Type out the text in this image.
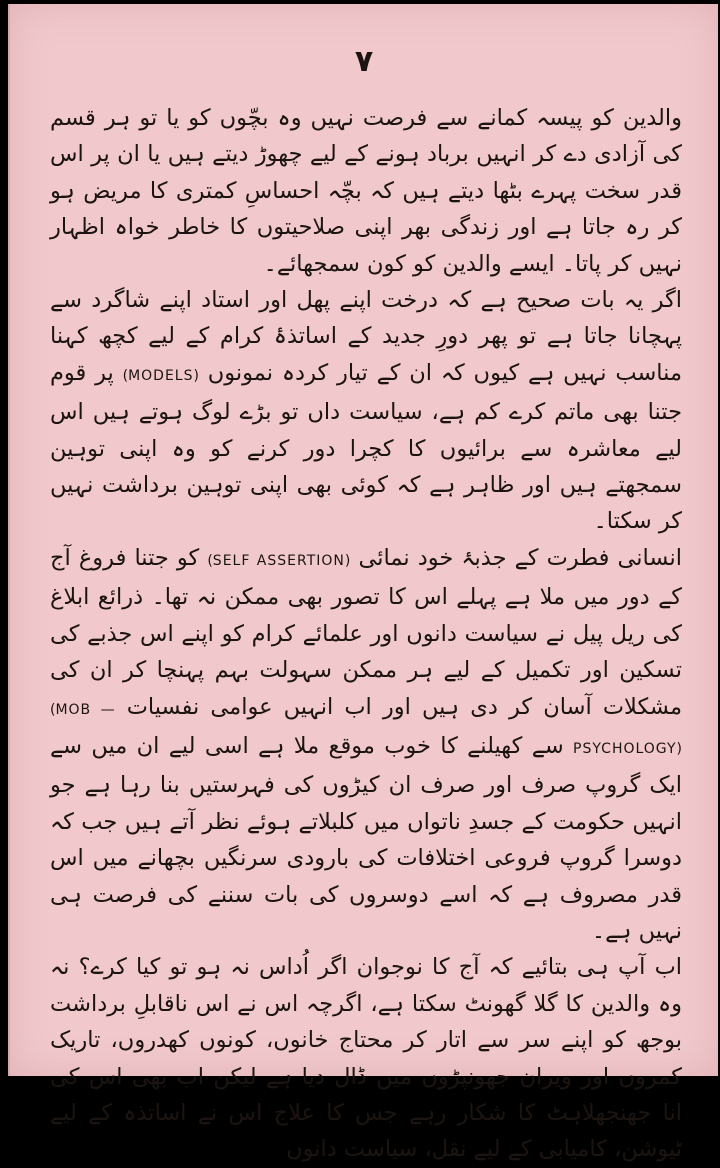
۷

والدین کو پیسہ کمانے سے فرصت نہیں وہ بچّوں کو یا تو ہر قسم کی آزادی دے کر انہیں برباد ہونے کے لیے چھوڑ دیتے ہیں یا ان پر اس قدر سخت پہرے بٹھا دیتے ہیں کہ بچّہ احساسِ کمتری کا مریض ہو کر رہ جاتا ہے اور زندگی بھر اپنی صلاحیتوں کا خاطر خواہ اظہار نہیں کر پاتا۔ ایسے والدین کو کون سمجھائے۔

اگر یہ بات صحیح ہے کہ درخت اپنے پھل اور استاد اپنے شاگرد سے پہچانا جاتا ہے تو پھر دورِ جدید کے اساتذۂ کرام کے لیے کچھ کہنا مناسب نہیں ہے کیوں کہ ان کے تیار کردہ نمونوں (MODELS) پر قوم جتنا بھی ماتم کرے کم ہے، سیاست داں تو بڑے لوگ ہوتے ہیں اس لیے معاشرہ سے برائیوں کا کچرا دور کرنے کو وہ اپنی توہین سمجھتے ہیں اور ظاہر ہے کہ کوئی بھی اپنی توہین برداشت نہیں کر سکتا۔

انسانی فطرت کے جذبۂ خود نمائی (SELF ASSERTION) کو جتنا فروغ آج کے دور میں ملا ہے پہلے اس کا تصور بھی ممکن نہ تھا۔ ذرائع ابلاغ کی ریل پیل نے سیاست دانوں اور علمائے کرام کو اپنے اس جذبے کی تسکین اور تکمیل کے لیے ہر ممکن سہولت بہم پہنچا کر ان کی مشکلات آسان کر دی ہیں اور اب انہیں عوامی نفسیات (MOB — PSYCHOLOGY) سے کھیلنے کا خوب موقع ملا ہے اسی لیے ان میں سے ایک گروپ صرف اور صرف ان کیڑوں کی فہرستیں بنا رہا ہے جو انہیں حکومت کے جسدِ ناتواں میں کلبلاتے ہوئے نظر آتے ہیں جب کہ دوسرا گروپ فروعی اختلافات کی بارودی سرنگیں بچھانے میں اس قدر مصروف ہے کہ اسے دوسروں کی بات سننے کی فرصت ہی نہیں ہے۔

اب آپ ہی بتائیے کہ آج کا نوجوان اگر اُداس نہ ہو تو کیا کرے؟ نہ وہ والدین کا گلا گھونٹ سکتا ہے، اگرچہ اس نے اس ناقابلِ برداشت بوجھ کو اپنے سر سے اتار کر محتاج خانوں، کونوں کھدروں، تاریک کمروں اور ویران جھونپڑوں میں ڈال دیا ہے لیکن اب بھی اس کی انا جھنجھلاہٹ کا شکار رہے جس کا علاج اس نے اساتذہ کے لیے ٹیوشن، کامیابی کے لیے نقل، سیاست دانوں
